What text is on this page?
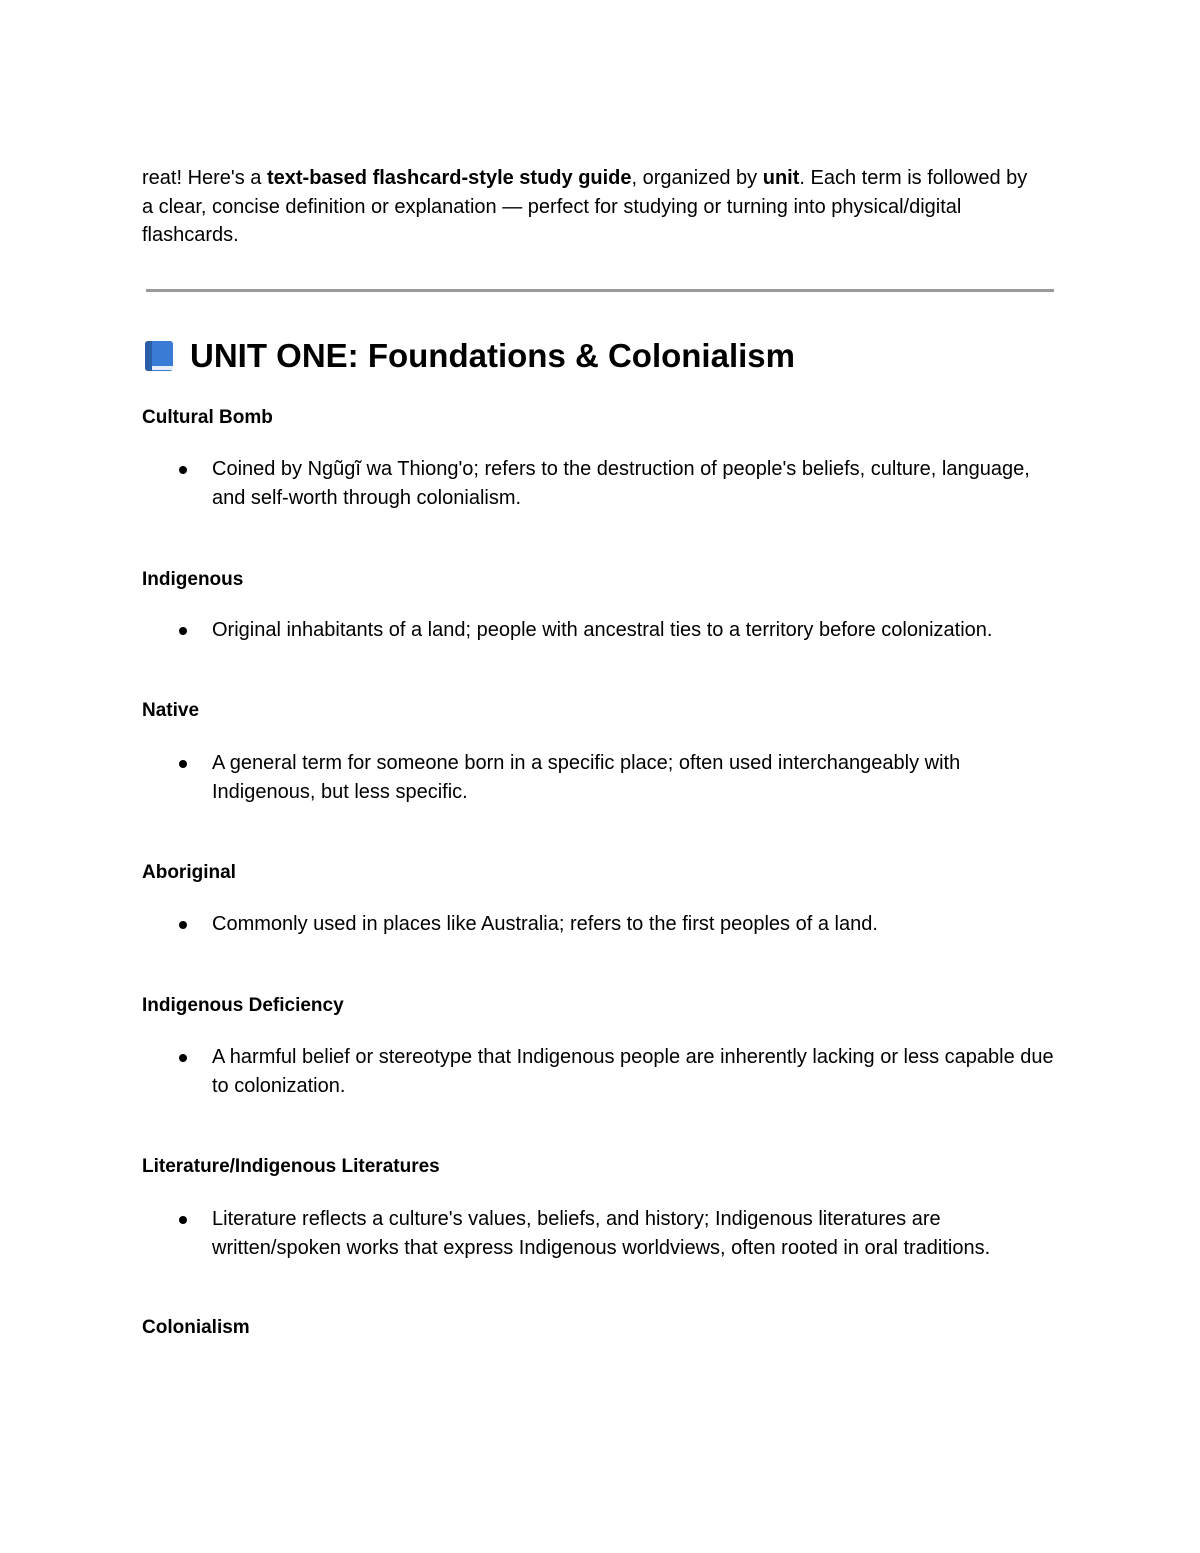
reat! Here's a text-based flashcard-style study guide, organized by unit. Each term is followed by a clear, concise definition or explanation — perfect for studying or turning into physical/digital flashcards.

UNIT ONE: Foundations & Colonialism

Cultural Bomb

Coined by Ngũgĩ wa Thiong'o; refers to the destruction of people's beliefs, culture, language, and self-worth through colonialism.

Indigenous

Original inhabitants of a land; people with ancestral ties to a territory before colonization.

Native

A general term for someone born in a specific place; often used interchangeably with Indigenous, but less specific.

Aboriginal

Commonly used in places like Australia; refers to the first peoples of a land.

Indigenous Deficiency

A harmful belief or stereotype that Indigenous people are inherently lacking or less capable due to colonization.

Literature/Indigenous Literatures

Literature reflects a culture's values, beliefs, and history; Indigenous literatures are written/spoken works that express Indigenous worldviews, often rooted in oral traditions.

Colonialism
